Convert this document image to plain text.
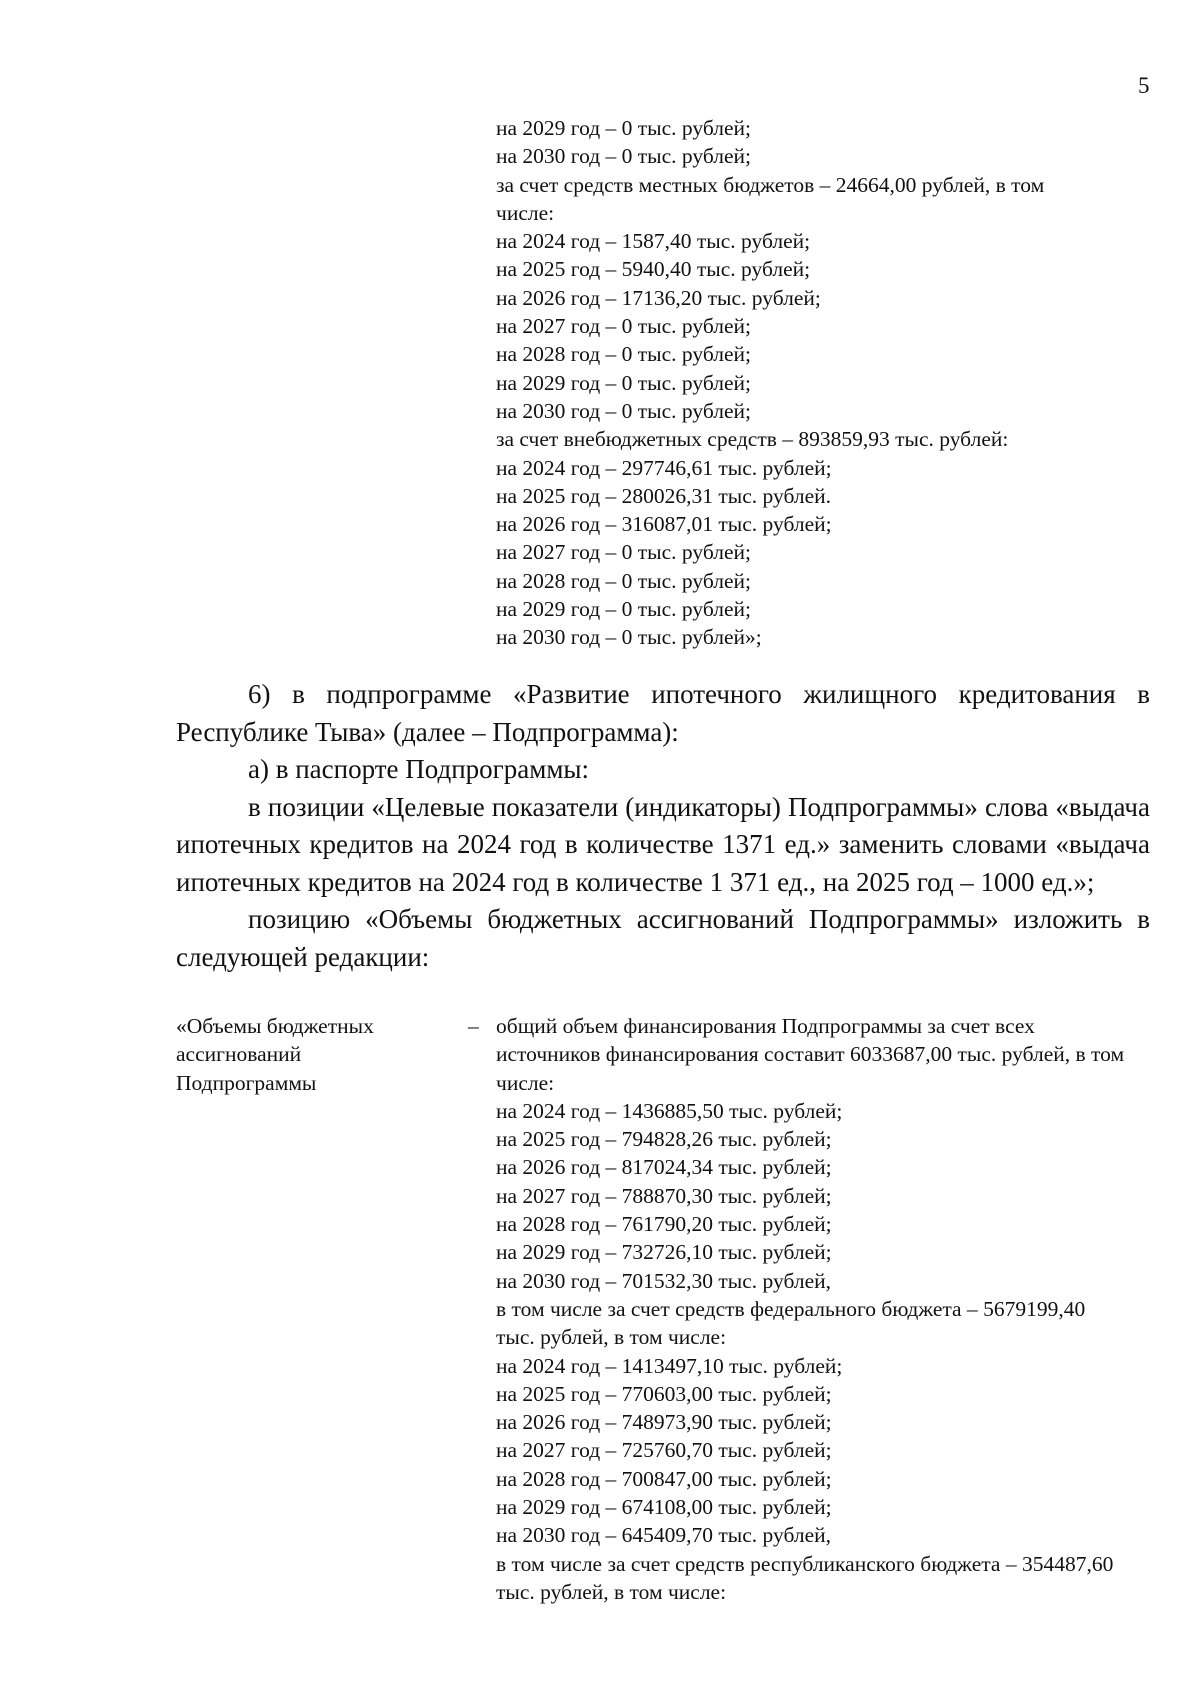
5
на 2029 год – 0 тыс. рублей;
на 2030 год – 0 тыс. рублей;
за счет средств местных бюджетов – 24664,00 рублей, в том числе:
на 2024 год – 1587,40 тыс. рублей;
на 2025 год – 5940,40 тыс. рублей;
на 2026 год – 17136,20 тыс. рублей;
на 2027 год – 0 тыс. рублей;
на 2028 год – 0 тыс. рублей;
на 2029 год – 0 тыс. рублей;
на 2030 год – 0 тыс. рублей;
за счет внебюджетных средств – 893859,93 тыс. рублей:
на 2024 год – 297746,61 тыс. рублей;
на 2025 год – 280026,31 тыс. рублей.
на 2026 год – 316087,01 тыс. рублей;
на 2027 год – 0 тыс. рублей;
на 2028 год – 0 тыс. рублей;
на 2029 год – 0 тыс. рублей;
на 2030 год – 0 тыс. рублей»;

6) в подпрограмме «Развитие ипотечного жилищного кредитования в Республике Тыва» (далее – Подпрограмма):

а) в паспорте Подпрограммы:

в позиции «Целевые показатели (индикаторы) Подпрограммы» слова «выдача ипотечных кредитов на 2024 год в количестве 1371 ед.» заменить словами «выдача ипотечных кредитов на 2024 год в количестве 1 371 ед., на 2025 год – 1000 ед.»;

позицию «Объемы бюджетных ассигнований Подпрограммы» изложить в следующей редакции:

«Объемы бюджетных ассигнований Подпрограммы
– общий объем финансирования Подпрограммы за счет всех источников финансирования составит 6033687,00 тыс. рублей, в том числе:
на 2024 год – 1436885,50 тыс. рублей;
на 2025 год – 794828,26 тыс. рублей;
на 2026 год – 817024,34 тыс. рублей;
на 2027 год – 788870,30 тыс. рублей;
на 2028 год – 761790,20 тыс. рублей;
на 2029 год – 732726,10 тыс. рублей;
на 2030 год – 701532,30 тыс. рублей,
в том числе за счет средств федерального бюджета – 5679199,40 тыс. рублей, в том числе:
на 2024 год – 1413497,10 тыс. рублей;
на 2025 год – 770603,00 тыс. рублей;
на 2026 год – 748973,90 тыс. рублей;
на 2027 год – 725760,70 тыс. рублей;
на 2028 год – 700847,00 тыс. рублей;
на 2029 год – 674108,00 тыс. рублей;
на 2030 год – 645409,70 тыс. рублей,
в том числе за счет средств республиканского бюджета – 354487,60 тыс. рублей, в том числе:
